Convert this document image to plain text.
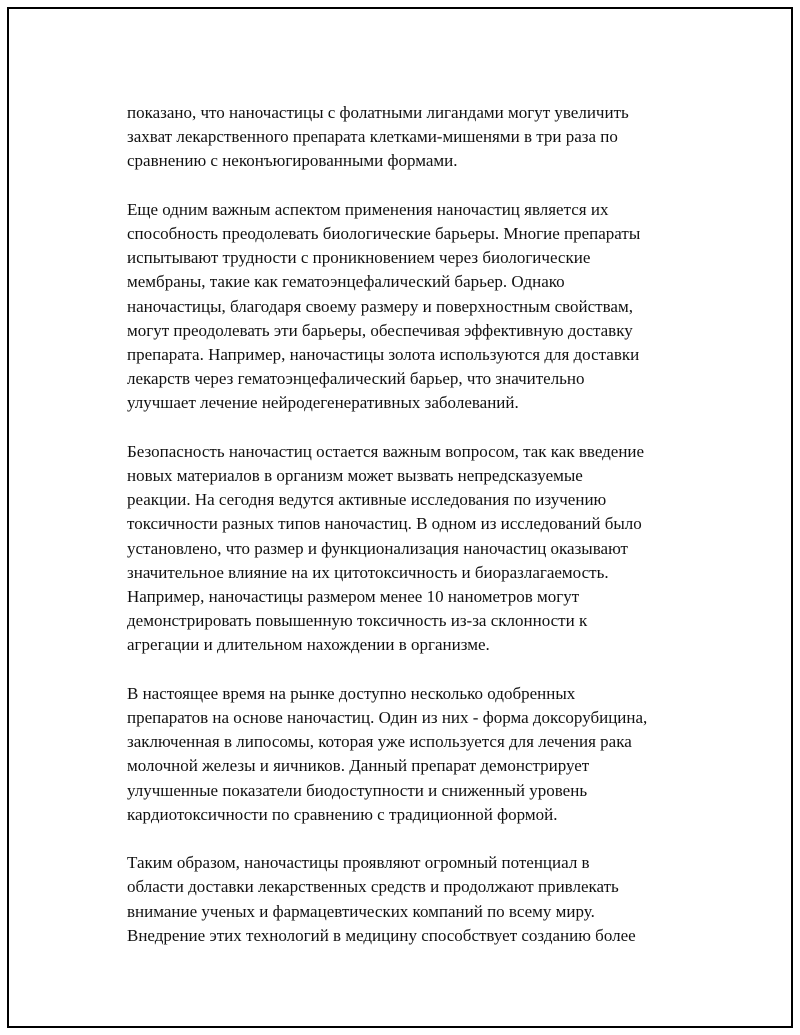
показано, что наночастицы с фолатными лигандами могут увеличить
захват лекарственного препарата клетками-мишенями в три раза по
сравнению с неконъюгированными формами.

Еще одним важным аспектом применения наночастиц является их
способность преодолевать биологические барьеры. Многие препараты
испытывают трудности с проникновением через биологические
мембраны, такие как гематоэнцефалический барьер. Однако
наночастицы, благодаря своему размеру и поверхностным свойствам,
могут преодолевать эти барьеры, обеспечивая эффективную доставку
препарата. Например, наночастицы золота используются для доставки
лекарств через гематоэнцефалический барьер, что значительно
улучшает лечение нейродегенеративных заболеваний.

Безопасность наночастиц остается важным вопросом, так как введение
новых материалов в организм может вызвать непредсказуемые
реакции. На сегодня ведутся активные исследования по изучению
токсичности разных типов наночастиц. В одном из исследований было
установлено, что размер и функционализация наночастиц оказывают
значительное влияние на их цитотоксичность и биоразлагаемость.
Например, наночастицы размером менее 10 нанометров могут
демонстрировать повышенную токсичность из-за склонности к
агрегации и длительном нахождении в организме.

В настоящее время на рынке доступно несколько одобренных
препаратов на основе наночастиц. Один из них - форма доксорубицина,
заключенная в липосомы, которая уже используется для лечения рака
молочной железы и яичников. Данный препарат демонстрирует
улучшенные показатели биодоступности и сниженный уровень
кардиотоксичности по сравнению с традиционной формой.

Таким образом, наночастицы проявляют огромный потенциал в
области доставки лекарственных средств и продолжают привлекать
внимание ученых и фармацевтических компаний по всему миру.
Внедрение этих технологий в медицину способствует созданию более
